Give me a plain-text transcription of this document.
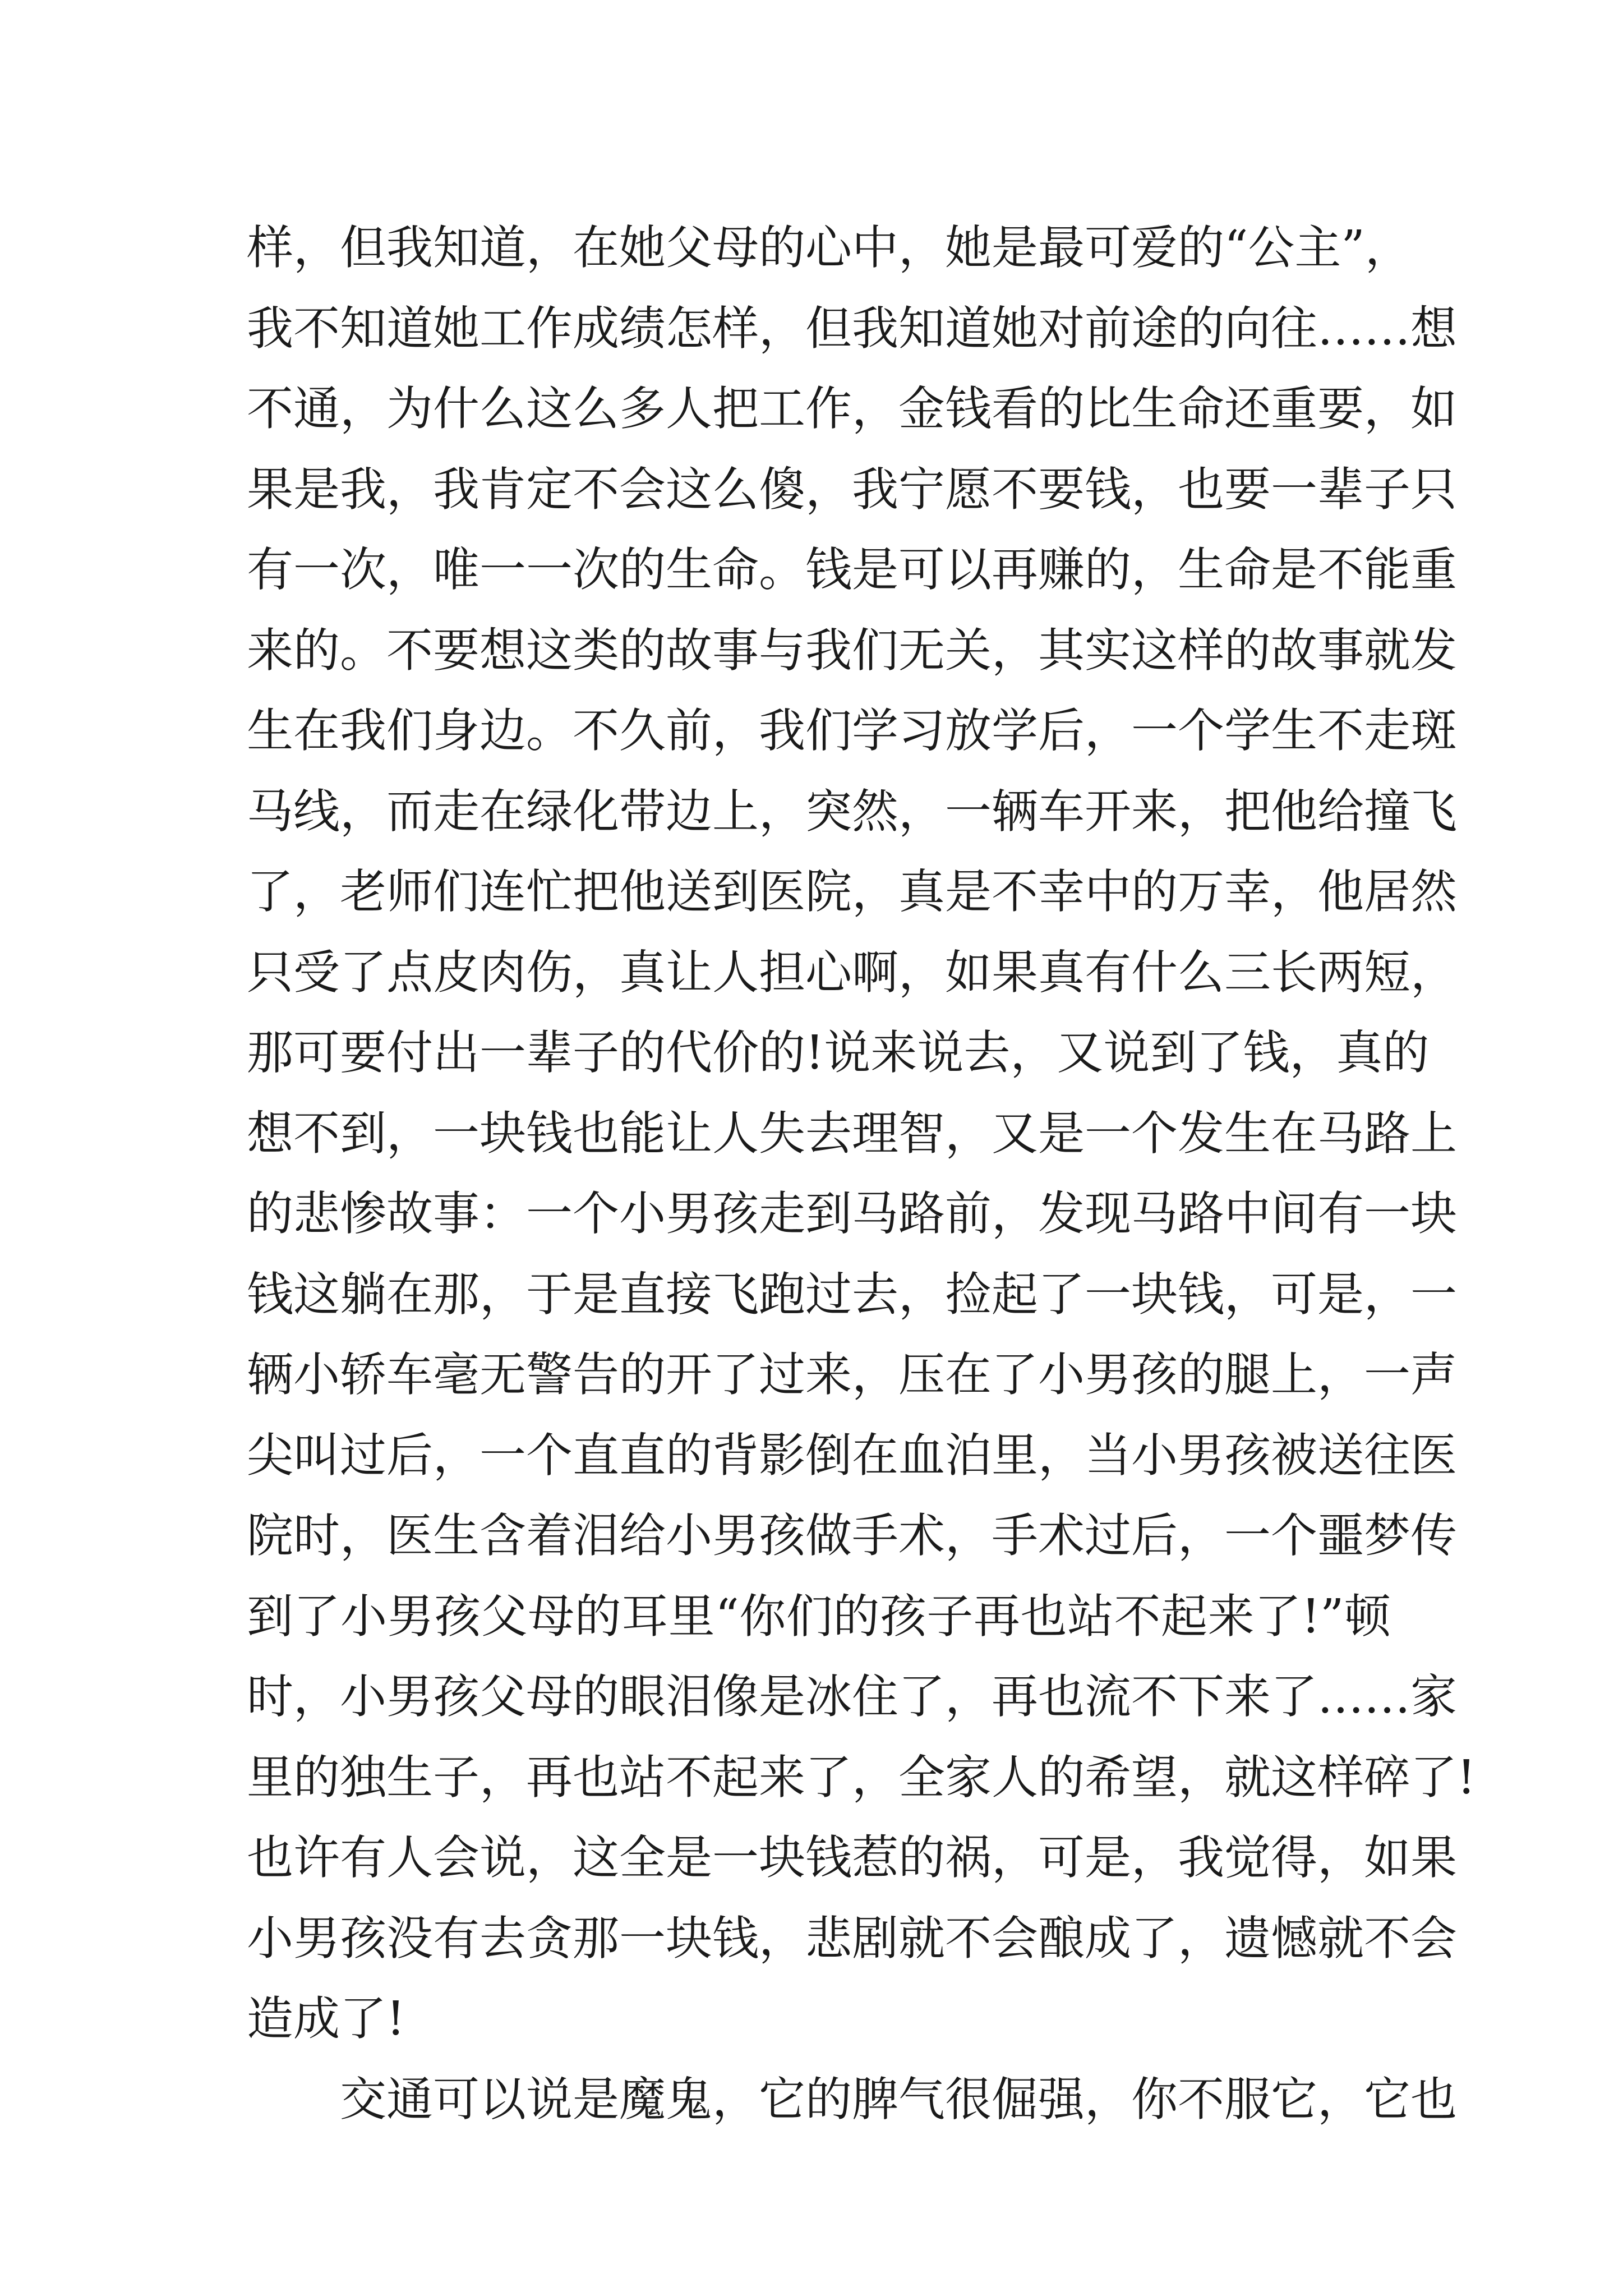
样，但我知道，在她父母的心中，她是最可爱的“公主”，
我不知道她工作成绩怎样，但我知道她对前途的向往……想
不通，为什么这么多人把工作，金钱看的比生命还重要，如
果是我，我肯定不会这么傻，我宁愿不要钱，也要一辈子只
有一次，唯一一次的生命。钱是可以再赚的，生命是不能重
来的。不要想这类的故事与我们无关，其实这样的故事就发
生在我们身边。不久前，我们学习放学后，一个学生不走斑
马线，而走在绿化带边上，突然，一辆车开来，把他给撞飞
了，老师们连忙把他送到医院，真是不幸中的万幸，他居然
只受了点皮肉伤，真让人担心啊，如果真有什么三长两短，
那可要付出一辈子的代价的!说来说去，又说到了钱，真的
想不到，一块钱也能让人失去理智，又是一个发生在马路上
的悲惨故事：一个小男孩走到马路前，发现马路中间有一块
钱这躺在那，于是直接飞跑过去，捡起了一块钱，可是，一
辆小轿车毫无警告的开了过来，压在了小男孩的腿上，一声
尖叫过后，一个直直的背影倒在血泊里，当小男孩被送往医
院时，医生含着泪给小男孩做手术，手术过后，一个噩梦传
到了小男孩父母的耳里“你们的孩子再也站不起来了!”顿
时，小男孩父母的眼泪像是冰住了，再也流不下来了……家
里的独生子，再也站不起来了，全家人的希望，就这样碎了!
也许有人会说，这全是一块钱惹的祸，可是，我觉得，如果
小男孩没有去贪那一块钱，悲剧就不会酿成了，遗憾就不会
造成了!
交通可以说是魔鬼，它的脾气很倔强，你不服它，它也
